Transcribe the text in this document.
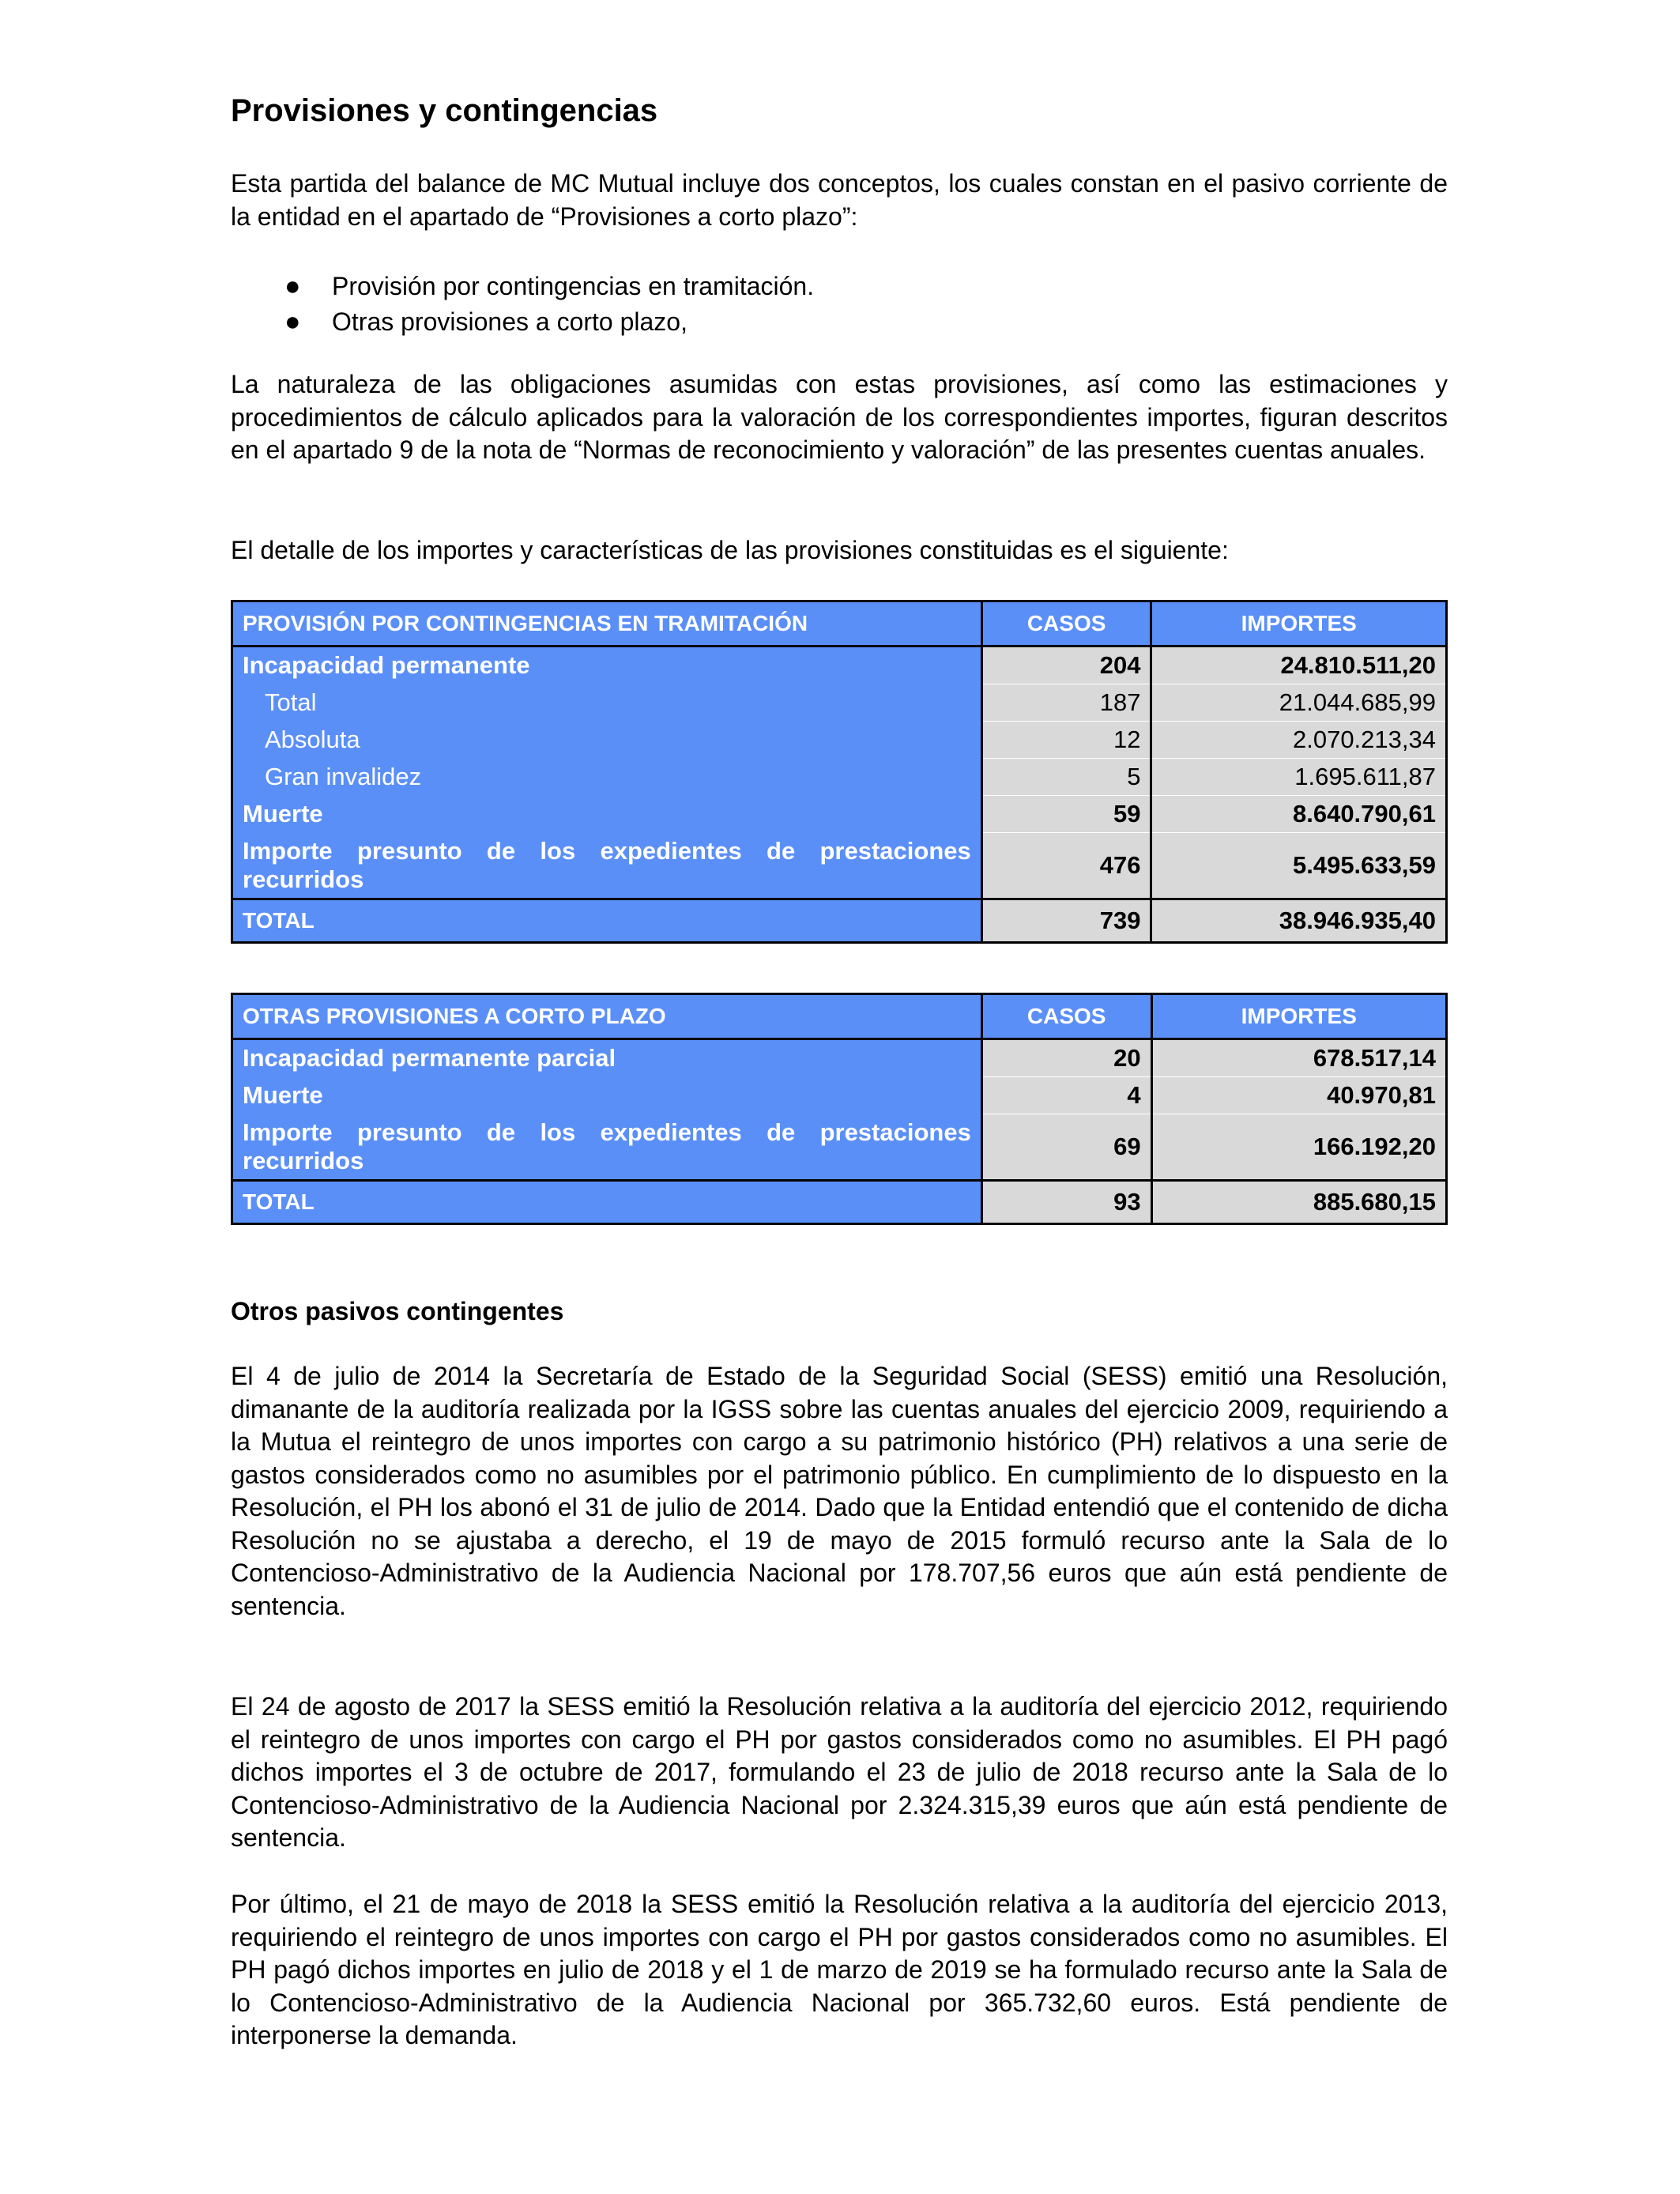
Provisiones y contingencias

Esta partida del balance de MC Mutual incluye dos conceptos, los cuales constan en el pasivo corriente de la entidad en el apartado de “Provisiones a corto plazo”:

● Provisión por contingencias en tramitación.
● Otras provisiones a corto plazo,

La naturaleza de las obligaciones asumidas con estas provisiones, así como las estimaciones y procedimientos de cálculo aplicados para la valoración de los correspondientes importes, figuran descritos en el apartado 9 de la nota de “Normas de reconocimiento y valoración” de las presentes cuentas anuales.

El detalle de los importes y características de las provisiones constituidas es el siguiente:

PROVISIÓN POR CONTINGENCIAS EN TRAMITACIÓN	CASOS	IMPORTES
Incapacidad permanente	204	24.810.511,20
Total	187	21.044.685,99
Absoluta	12	2.070.213,34
Gran invalidez	5	1.695.611,87
Muerte	59	8.640.790,61
Importe presunto de los expedientes de prestaciones recurridos	476	5.495.633,59
TOTAL	739	38.946.935,40
OTRAS PROVISIONES A CORTO PLAZO	CASOS	IMPORTES
Incapacidad permanente parcial	20	678.517,14
Muerte	4	40.970,81
Importe presunto de los expedientes de prestaciones recurridos	69	166.192,20
TOTAL	93	885.680,15
Otros pasivos contingentes

El 4 de julio de 2014 la Secretaría de Estado de la Seguridad Social (SESS) emitió una Resolución, dimanante de la auditoría realizada por la IGSS sobre las cuentas anuales del ejercicio 2009, requiriendo a la Mutua el reintegro de unos importes con cargo a su patrimonio histórico (PH) relativos a una serie de gastos considerados como no asumibles por el patrimonio público. En cumplimiento de lo dispuesto en la Resolución, el PH los abonó el 31 de julio de 2014. Dado que la Entidad entendió que el contenido de dicha Resolución no se ajustaba a derecho, el 19 de mayo de 2015 formuló recurso ante la Sala de lo Contencioso-Administrativo de la Audiencia Nacional por 178.707,56 euros que aún está pendiente de sentencia.

El 24 de agosto de 2017 la SESS emitió la Resolución relativa a la auditoría del ejercicio 2012, requiriendo el reintegro de unos importes con cargo el PH por gastos considerados como no asumibles. El PH pagó dichos importes el 3 de octubre de 2017, formulando el 23 de julio de 2018 recurso ante la Sala de lo Contencioso-Administrativo de la Audiencia Nacional por 2.324.315,39 euros que aún está pendiente de sentencia.

Por último, el 21 de mayo de 2018 la SESS emitió la Resolución relativa a la auditoría del ejercicio 2013, requiriendo el reintegro de unos importes con cargo el PH por gastos considerados como no asumibles. El PH pagó dichos importes en julio de 2018 y el 1 de marzo de 2019 se ha formulado recurso ante la Sala de lo Contencioso-Administrativo de la Audiencia Nacional por 365.732,60 euros. Está pendiente de interponerse la demanda.
